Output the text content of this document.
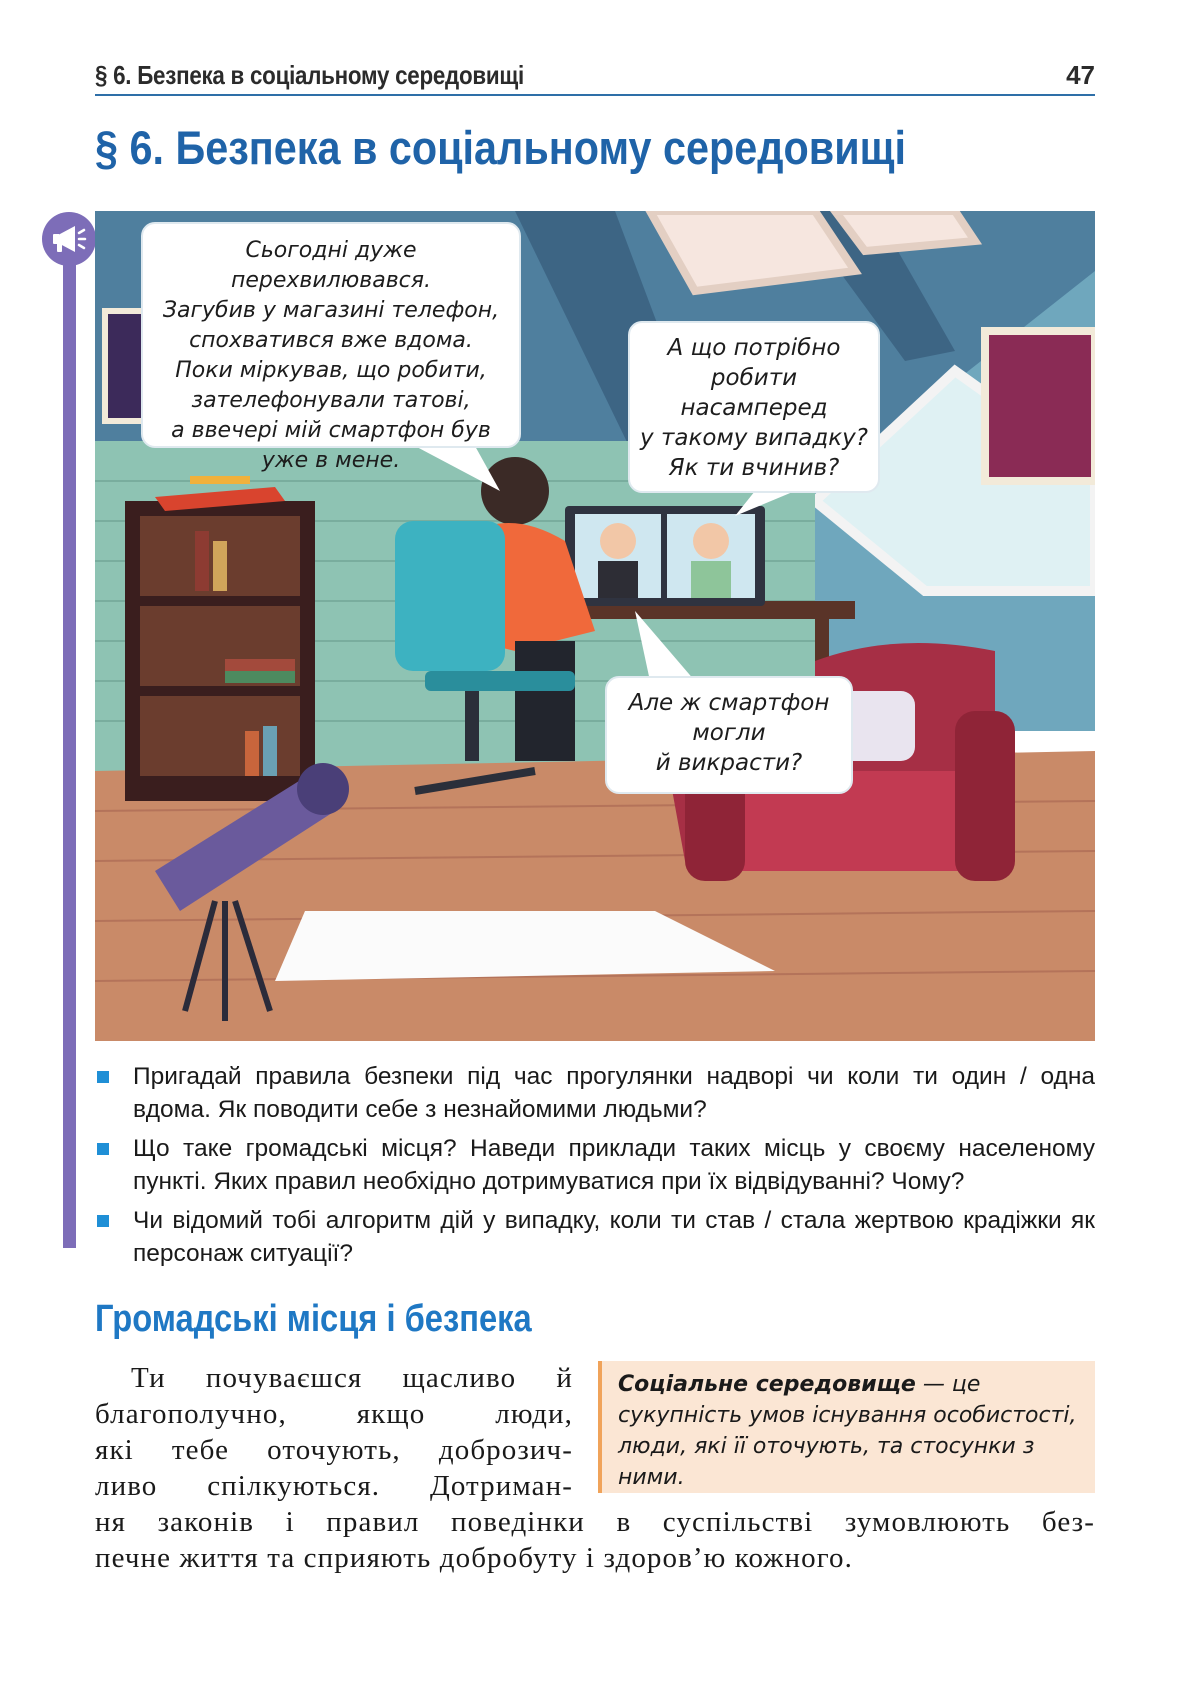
§ 6. Безпека в соціальному середовищі	47
§ 6. Безпека в соціальному середовищі

Сьогодні дуже перехвилювався.

Загубив у магазині телефон,

спохватився вже вдома.

Поки міркував, що робити,

зателефонували татові,

а ввечері мій смартфон був

уже в мене.

А що потрібно

робити

насамперед

у такому випадку?

Як ти вчинив?

Але ж смартфон

могли

й викрасти?

Пригадай правила безпеки під час прогулянки надворі чи коли ти один / одна вдома. Як поводити себе з незнайомими людьми?
Що таке громадські місця? Наведи приклади таких місць у своєму населеному пункті. Яких правил необхідно дотримуватися при їх відвідуванні? Чому?
Чи відомий тобі алгоритм дій у випадку, коли ти став / стала жертвою крадіжки як персонаж ситуації?
Громадські місця і безпека
Соціальне середовище — це сукупність умов існування особистості, люди, які її оточують, та стосунки з ними.
Ти почуваєшся щасливо й
благополучно, якщо люди,
які тебе оточують, доброзич-
ливо спілкуються. Дотриман-
ня законів і правил поведінки в суспільстві зумовлюють без-
печне життя та сприяють добробуту і здоров’ю кожного.
